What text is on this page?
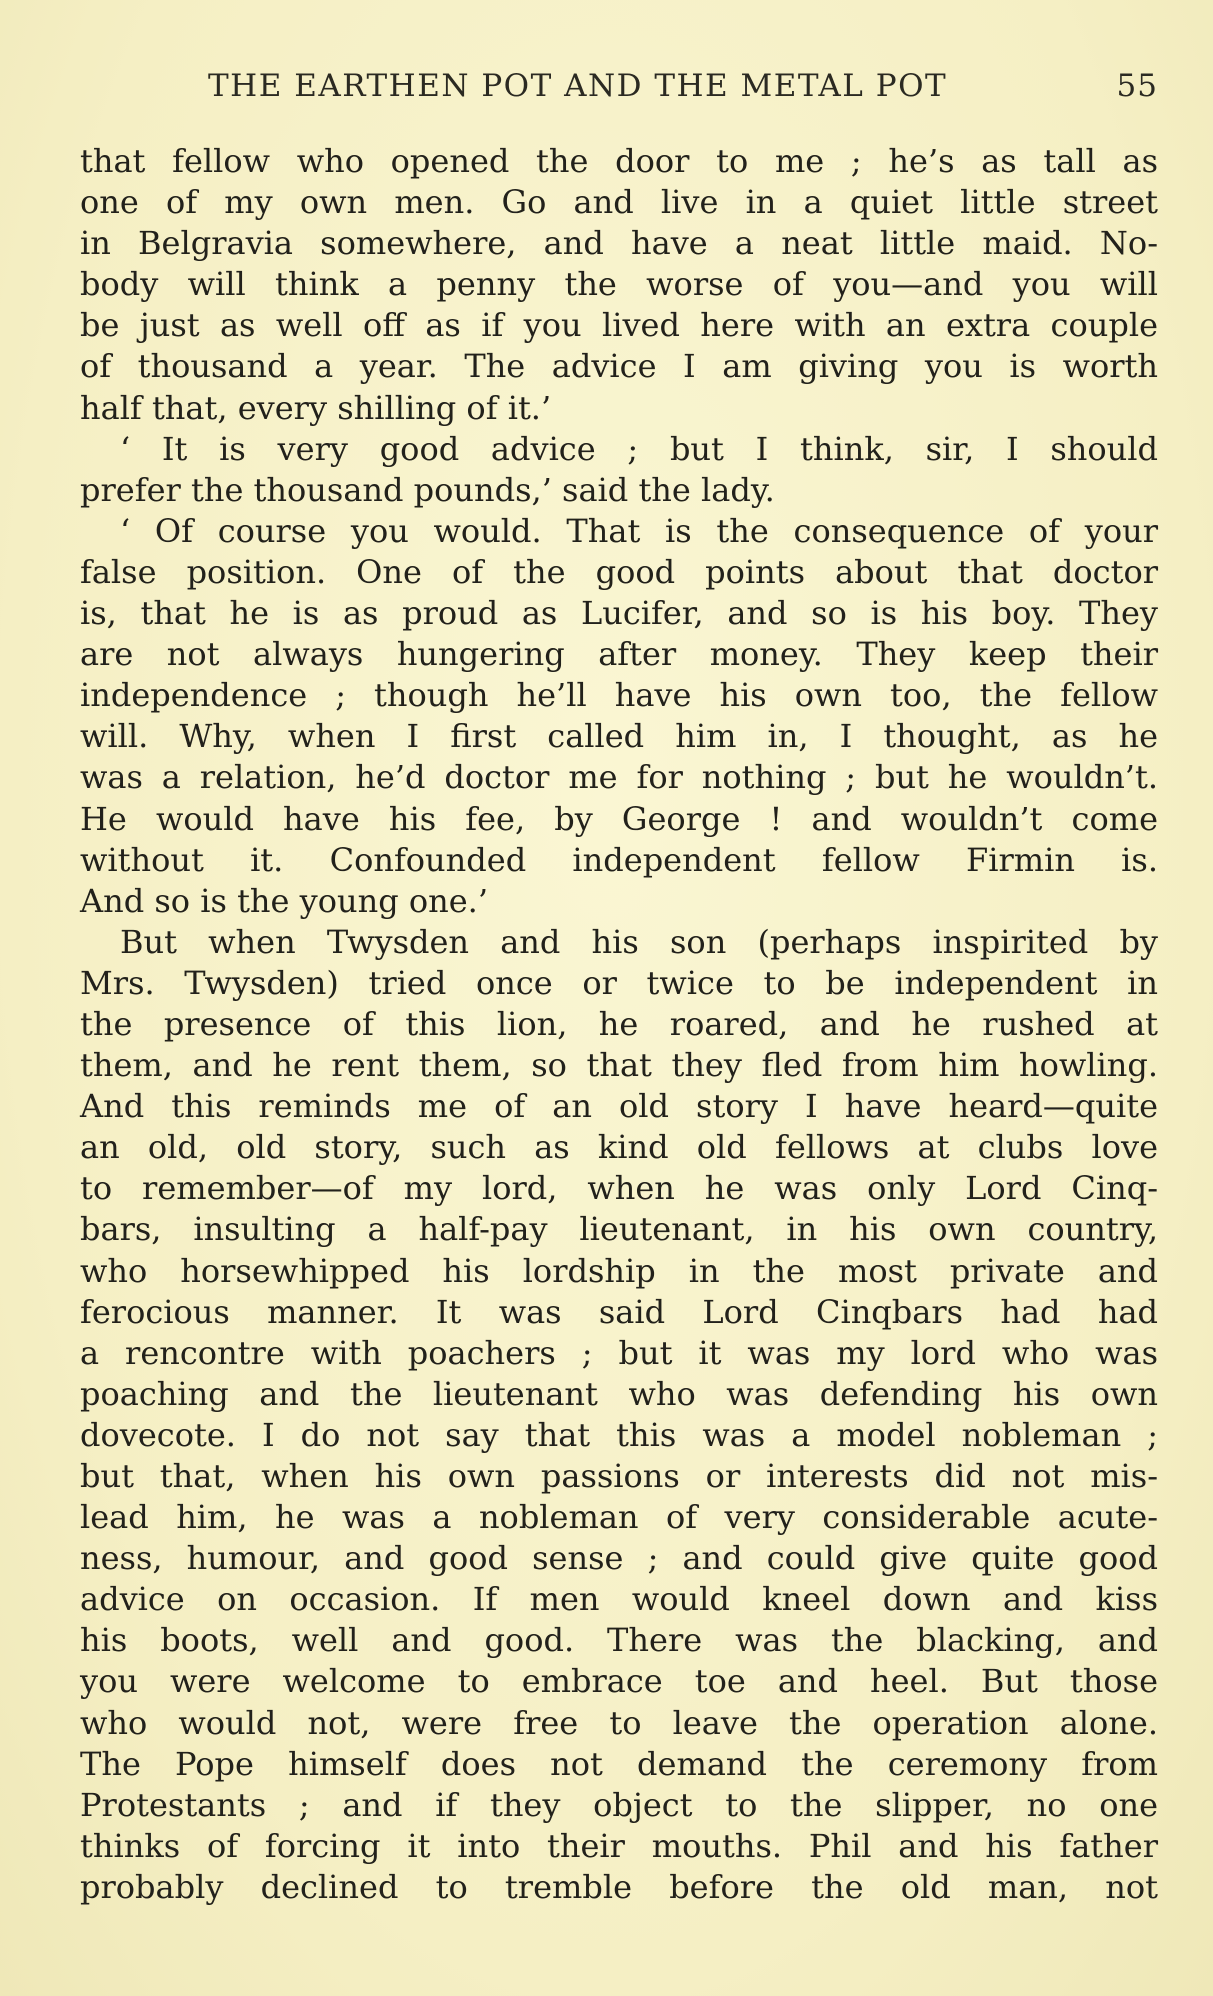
THE EARTHEN POT AND THE METAL POT	55
that fellow who opened the door to me ; he’s as tall as
one of my own men. Go and live in a quiet little street
in Belgravia somewhere, and have a neat little maid. No-
body will think a penny the worse of you—and you will
be just as well off as if you lived here with an extra couple
of thousand a year. The advice I am giving you is worth
half that, every shilling of it.’
‘ It is very good advice ; but I think, sir, I should
prefer the thousand pounds,’ said the lady.
‘ Of course you would. That is the consequence of your
false position. One of the good points about that doctor
is, that he is as proud as Lucifer, and so is his boy. They
are not always hungering after money. They keep their
independence ; though he’ll have his own too, the fellow
will. Why, when I first called him in, I thought, as he
was a relation, he’d doctor me for nothing ; but he wouldn’t.
He would have his fee, by George ! and wouldn’t come
without it. Confounded independent fellow Firmin is.
And so is the young one.’
But when Twysden and his son (perhaps inspirited by
Mrs. Twysden) tried once or twice to be independent in
the presence of this lion, he roared, and he rushed at
them, and he rent them, so that they fled from him howling.
And this reminds me of an old story I have heard—quite
an old, old story, such as kind old fellows at clubs love
to remember—of my lord, when he was only Lord Cinq-
bars, insulting a half-pay lieutenant, in his own country,
who horsewhipped his lordship in the most private and
ferocious manner. It was said Lord Cinqbars had had
a rencontre with poachers ; but it was my lord who was
poaching and the lieutenant who was defending his own
dovecote. I do not say that this was a model nobleman ;
but that, when his own passions or interests did not mis-
lead him, he was a nobleman of very considerable acute-
ness, humour, and good sense ; and could give quite good
advice on occasion. If men would kneel down and kiss
his boots, well and good. There was the blacking, and
you were welcome to embrace toe and heel. But those
who would not, were free to leave the operation alone.
The Pope himself does not demand the ceremony from
Protestants ; and if they object to the slipper, no one
thinks of forcing it into their mouths. Phil and his father
probably declined to tremble before the old man, not
